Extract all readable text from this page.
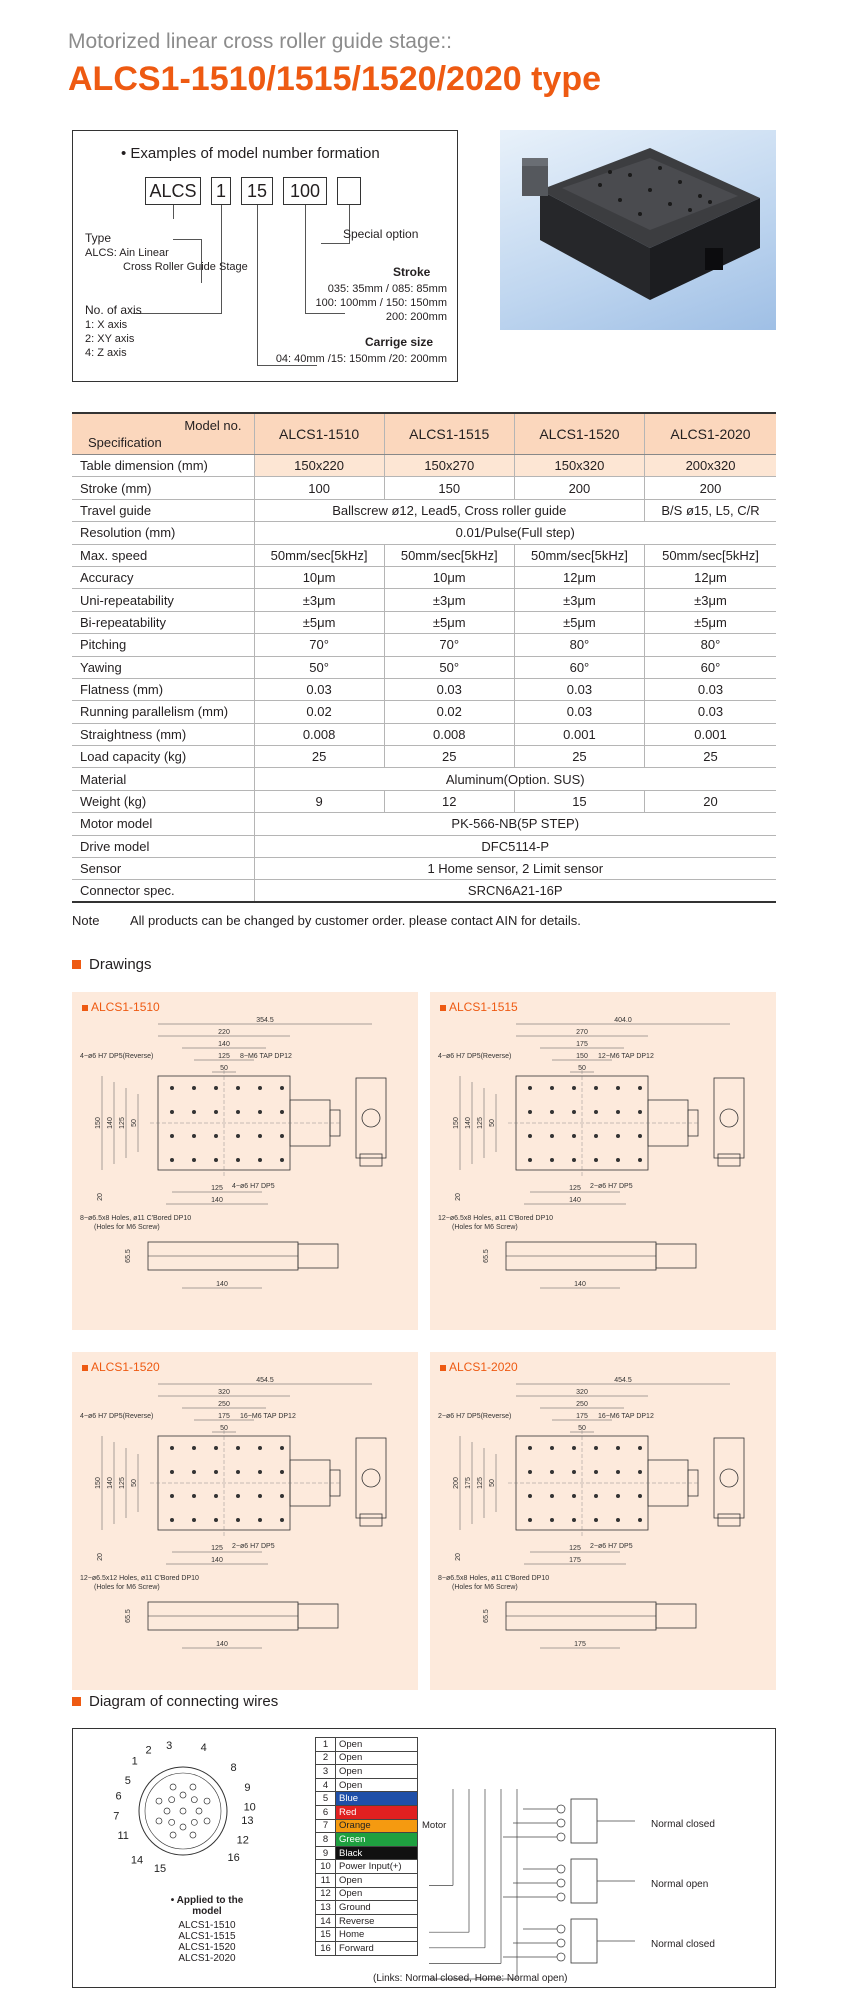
Motorized linear cross roller guide stage::
ALCS1-1510/1515/1520/2020 type
• Examples of model number formation
ALCS 1	15	100
Special option
Stroke
035: 35mm / 085: 85mm
100: 100mm / 150: 150mm
200: 200mm
Carrige size
04: 40mm /15: 150mm /20: 200mm
Type
ALCS: Ain Linear
Cross Roller Guide Stage
No. of axis
1: X axis
2: XY axis
4: Z axis
Model no.
Specification	ALCS1-1510	ALCS1-1515	ALCS1-1520	ALCS1-2020
Table dimension (mm)	150x220	150x270	150x320	200x320
Stroke (mm)	100	150	200	200
Travel guide	Ballscrew ø12, Lead5, Cross roller guide			B/S ø15, L5, C/R
Resolution (mm)	0.01/Pulse(Full step)			
Max. speed	50mm/sec[5kHz]	50mm/sec[5kHz]	50mm/sec[5kHz]	50mm/sec[5kHz]
Accuracy	10μm	10μm	12μm	12μm
Uni-repeatability	±3μm	±3μm	±3μm	±3μm
Bi-repeatability	±5μm	±5μm	±5μm	±5μm
Pitching	70°	70°	80°	80°
Yawing	50°	50°	60°	60°
Flatness (mm)	0.03	0.03	0.03	0.03
Running parallelism (mm)	0.02	0.02	0.03	0.03
Straightness (mm)	0.008	0.008	0.001	0.001
Load capacity (kg)	25	25	25	25
Material	Aluminum(Option. SUS)			
Weight (kg)	9	12	15	20
Motor model	PK-566-NB(5P STEP)			
Drive model	DFC5114-P			
Sensor	1 Home sensor, 2 Limit sensor			
Connector spec.	SRCN6A21-16P			
Note All products can be changed by customer order. please contact AIN for details.
Drawings
ALCS1-1510
354.5
220
140
125
50
150 140 125 50
20
125
140
4−ø6 H7 DP5(Reverse)	8−M6 TAP DP12
4−ø6 H7 DP5
8−ø6.5x8 Holes, ø11 C'Bored DP10
(Holes for M6 Screw)
65.5
140
ALCS1-1515
404.0
270
175
150
50
150 140 125 50
20
125
140
4−ø6 H7 DP5(Reverse)	12−M6 TAP DP12
2−ø6 H7 DP5
12−ø6.5x8 Holes, ø11 C'Bored DP10
(Holes for M6 Screw)
65.5
140
ALCS1-1520
454.5
320
250
175
50
150 140 125 50
20
125
140
4−ø6 H7 DP5(Reverse)	16−M6 TAP DP12
2−ø6 H7 DP5
12−ø6.5x12 Holes, ø11 C'Bored DP10
(Holes for M6 Screw)
65.5
140
ALCS1-2020
454.5
320
250
175
50
200 175 125 50
20
125
175
2−ø6 H7 DP5(Reverse)	16−M6 TAP DP12
2−ø6 H7 DP5
8−ø6.5x8 Holes, ø11 C'Bored DP10
(Holes for M6 Screw)
65.5
175
Diagram of connecting wires
1
2 3	4
5
6
7
8
9
10
11	12
13
14
15
16
1	Open	
2	Open	
3	Open	
4	Open	
5	Blue	Motor
6	Red	
7	Orange	
8	Green	
9	Black	
10	Power Input(+)	
11	Open	
12	Open	
13	Ground	
14	Reverse	
15	Home	
16	Forward	
• Applied to the model
ALCS1-1510
ALCS1-1515
ALCS1-1520
ALCS1-2020
Normal closed
Normal open
Normal closed
(Links: Normal closed, Home: Normal open)
